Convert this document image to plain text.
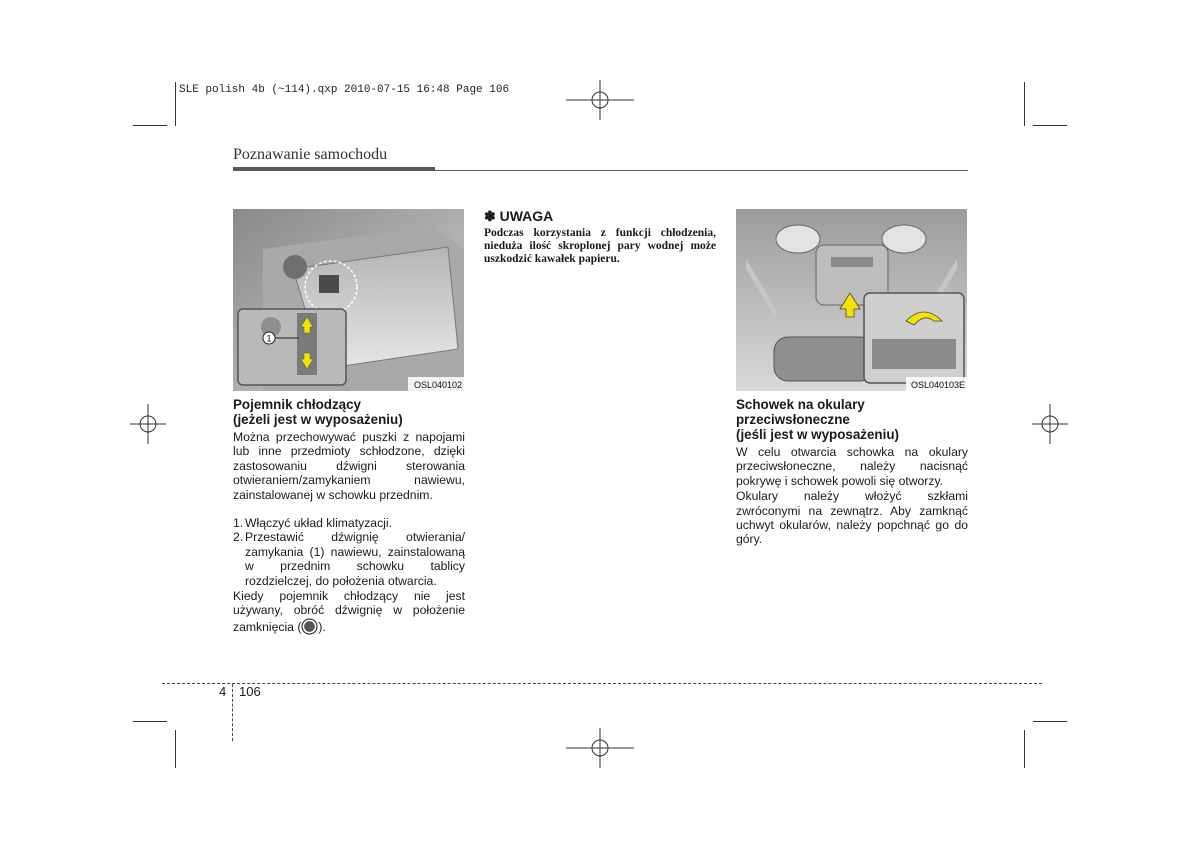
SLE polish 4b (~114).qxp 2010-07-15 16:48 Page 106
Poznawanie samochodu
1
OSL040102
Pojemnik chłodzący
(jeżeli jest w wyposażeniu)

Można przechowywać puszki z napojami lub inne przedmioty schłodzone, dzięki zastosowaniu dźwigni sterowania otwieraniem/zamykaniem nawiewu, zainstalowanej w schowku przednim.

1. Włączyć układ klimatyzacji.
2. Przestawić dźwignię otwierania/ zamykania (1) nawiewu, zainstalowaną w przednim schowku tablicy rozdzielczej, do położenia otwarcia.

Kiedy pojemnik chłodzący nie jest używany, obróć dźwignię w położenie zamknięcia ( ).

✽ UWAGA
Podczas korzystania z funkcji chłodzenia, nieduża ilość skroplonej pary wodnej może uszkodzić kawałek papieru.
OSL040103E
Schowek na okulary
przeciwsłoneczne
(jeśli jest w wyposażeniu)

W celu otwarcia schowka na okulary przeciwsłoneczne, należy nacisnąć pokrywę i schowek powoli się otworzy.

Okulary należy włożyć szkłami zwróconymi na zewnątrz. Aby zamknąć uchwyt okularów, należy popchnąć go do góry.

4 106
